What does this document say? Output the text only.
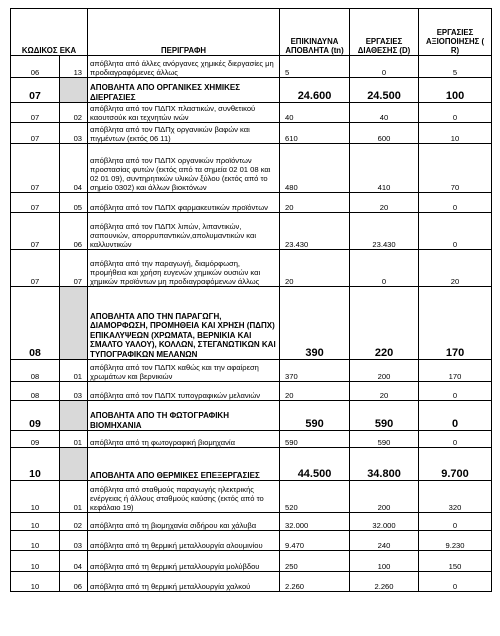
ΚΩΔΙΚΟΣ ΕΚΑ		ΠΕΡΙΓΡΑΦΗ	ΕΠΙΚΙΝΔΥΝΑ ΑΠΟΒΛΗΤΑ (tn)	ΕΡΓΑΣΙΕΣ ΔΙΑΘΕΣΗΣ (D)	ΕΡΓΑΣΙΕΣ ΑΞΙΟΠΟΙΗΣΗΣ ( R)
06	13	απόβλητα από άλλες ανόργανες χημικές διεργασίες μη προδιαγραφόμενες άλλως	5	0	5
07		ΑΠΟΒΛΗΤΑ ΑΠΟ ΟΡΓΑΝΙΚΕΣ ΧΗΜΙΚΕΣ ΔΙΕΡΓΑΣΙΕΣ	24.600	24.500	100
07	02	απόβλητα από τον ΠΔΠΧ πλαστικών, συνθετικού καουτσούκ και τεχνητών ινών	40	40	0
07	03	απόβλητα από τον ΠΔΠχ οργανικών βαφών και πιγμέντων (εκτός 06 11)	610	600	10
07	04	απόβλητα από τον ΠΔΠΧ οργανικών προϊόντων προστασίας φυτών (εκτός από τα σημεία 02 01 08 και 02 01 09), συντηρητικών υλικών ξύλου (εκτός από το σημείο 0302) και άλλων βιοκτόνων	480	410	70
07	05	απόβλητα από τον ΠΔΠΧ φαρμακευτικών προϊόντων	20	20	0
07	06	απόβλητα από τον ΠΔΠΧ λιπών, λιπαντικών, σαπουνιών, απορρυπαντικών,απολυμαντικών και καλλυντικών	23.430	23.430	0
07	07	απόβλητα από την παραγωγή, διαμόρφωση, προμήθεια και χρήση ευγενών χημικών ουσιών και χημικών προϊόντων μη προδιαγραφόμενων άλλως	20	0	20
08		ΑΠΟΒΛΗΤΑ ΑΠΟ ΤΗΝ ΠΑΡΑΓΩΓΗ, ΔΙΑΜΟΡΦΩΣΗ, ΠΡΟΜΗΘΕΙΑ ΚΑΙ ΧΡΗΣΗ (ΠΔΠΧ) ΕΠΙΚΑΛΥΨΕΩΝ (ΧΡΩΜΑΤΑ, ΒΕΡΝΙΚΙΑ ΚΑΙ ΣΜΑΛΤΟ ΥΑΛΟΥ), ΚΟΛΛΩΝ, ΣΤΕΓΑΝΩΤΙΚΩΝ ΚΑΙ ΤΥΠΟΓΡΑΦΙΚΩΝ ΜΕΛΑΝΩΝ	390	220	170
08	01	απόβλητα από τον ΠΔΠΧ καθώς και την αφαίρεση χρωμάτων και βερνικιών	370	200	170
08	03	απόβλητα από τον ΠΔΠΧ τυπογραφικών μελανιών	20	20	0
09		ΑΠΟΒΛΗΤΑ ΑΠΟ ΤΗ ΦΩΤΟΓΡΑΦΙΚΗ ΒΙΟΜΗΧΑΝΙΑ	590	590	0
09	01	απόβλητα από τη φωτογραφική βιομηχανία	590	590	0
10		ΑΠΟΒΛΗΤΑ ΑΠΟ ΘΕΡΜΙΚΕΣ ΕΠΕΞΕΡΓΑΣΙΕΣ	44.500	34.800	9.700
10	01	απόβλητα από σταθμούς παραγωγής ηλεκτρικής ενέργειας ή άλλους σταθμούς καύσης (εκτός από το κεφάλαιο 19)	520	200	320
10	02	απόβλητα από τη βιομηχανία σιδήρου και χάλυβα	32.000	32.000	0
10	03	απόβλητα από τη θερμική μεταλλουργία αλουμινίου	9.470	240	9.230
10	04	απόβλητα από τη θερμική μεταλλουργία μολύβδου	250	100	150
10	06	απόβλητα από τη θερμική μεταλλουργία χαλκού	2.260	2.260	0
